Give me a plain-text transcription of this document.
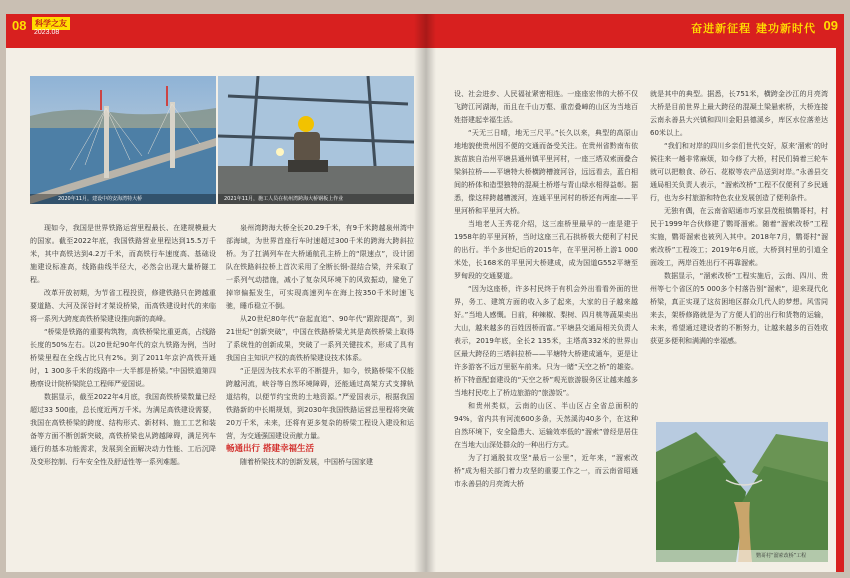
08	科学之友
2023.08
2020年11月，建设中的安海湾特大桥	2021年11月，施工人员在杭州湾跨海大桥钢板上作业

现如今，我国是世界铁路运营里程最长、在建规模最大的国家。截至2022年底，我国铁路营业里程达到15.5万千米，其中高铁达到4.2万千米，而高铁行车速度高、基础设施建设标准高，线路曲线半径大，必然会出现大量桥隧工程。

改革开放初期，为节省工程投资，修建铁路只在跨越重要道路、大河及深谷时才架设桥梁，而高铁建设时代的来临将一系列大跨度高铁桥梁建设推向新的高峰。

“桥梁是铁路的重要构筑物，高铁桥梁比重更高，占线路长度的50%左右。以20世纪90年代的京九铁路为例，当时桥梁里程在全线占比只有2%。到了2011年京沪高铁开通时，1 300多千米的线路中一大半都是桥梁。”中国铁道第四勘察设计院桥梁院总工程师严爱国说。

数据显示，截至2022年4月底，我国高铁桥梁数量已经超过33 500座，总长度近两万千米。为满足高铁建设需要，我国在高铁桥梁的跨度、结构形式、新材料、施工工艺和装备等方面不断创新突破，高铁桥梁也从跨越障碍，满足列车通行的基本功能需求，发展到全面解决动力性能、工后沉降及变形控制、行车安全性及舒适性等一系列难题。

泉州湾跨海大桥全长20.29千米，有9千米跨越泉州湾中部海域，为世界首座行车时速超过300千米的跨海大跨斜拉桥。为了扛满列车在大桥通航孔主桥上的“限速点”，设计团队在铁路斜拉桥上首次采用了全断长钢-混结合梁，并采取了一系列气动措施，减小了复杂风环境下的风致振动，避免了掉帘偏振发生，可实现高速列车在海上按350千米时速飞驰，睡币稳立不倒。

从20世纪80年代“奋起直追”、90年代“跟踪提高”，到21世纪“创新突破”，中国在铁路桥梁尤其是高铁桥梁上取得了系统性的创新成果，突破了一系列关键技术，形成了具有我国自主知识产权的高铁桥梁建设技术体系。

“正是因为技术水平的不断提升，如今，铁路桥梁不仅能跨越河流，峡谷等自然环境障碍，还能通过高架方式支撑轨道结构，以便节约宝贵的土地资源。”严爱国表示，根据我国铁路新的中长期规划，到2030年我国铁路运营总里程将突破20万千米，未来，还将有更多复杂的桥梁工程设入建设和运营，为交通强国建设贡献力量。

畅通出行 搭建幸福生活

随着桥梁技术的创新发展，中国桥与国家建

奋进新征程 建功新时代 09

设、社会进步、人民福祉紧密相连。一座座宏伟的大桥不仅飞跨江河湖海，而且在千山万壑、重峦叠嶂的山区为当地百姓搭建起幸福生活。

“天无三日晴，地无三尺平。”长久以来，典型的高原山地地貌使贵州因不便的交通而备受关注。在贵州省黔南布依族苗族自治州平塘县通州镇平里河村，一座三塔双索面叠合梁斜拉桥——平塘特大桥横跨槽渡河谷，远远看去，蓝白相间的桥体和造型独特的混凝土桥塔与青山绿水相得益彰。据悉，像这样跨越槽渡河，连通平里河村的桥还有两座——平里河桥和平里河大桥。

当地老人王秀花介绍，这三座桥里最早的一座是建于1958年的平里河桥，当时这座三孔石拱桥极大便利了村民的出行。半个多世纪后的2015年，在平里河桥上游1 000米处，长168米的平里河大桥建成，成为国道G552平塘至罗甸段的交通要道。

“因为这座桥，许多村民终于有机会外出看看外面的世界，务工、建筑方面的收入多了起来，大家的日子越来越好。”当地人感慨。日前，种辣椒、梨树、四月桃等蔬果卖出大山，越来越多的百姓因桥而富。”平塘县交通局相关负责人表示，2019年底，全长2 135米，主塔高332米的世界山区最大跨径的三塔斜拉桥——平塘特大桥建成通车，更是让许多游客不远万里驱车前来。只为一睹“天空之桥”的雄姿。桥下特意配套建设的“天空之桥”观光旅游服务区让越来越多当地村民吃上了桥边旅游的“旅游饭”。

和贵州类似，云南的山区、半山区占全省总面积的94%，省内共有河流600多条，天然溪沟40多个，在这种自然环境下，安全隐患大、运输效率低的“溜索”曾经是居住在当地大山深处群众的一种出行方式。

为了打通脱贫攻坚“最后一公里”，近年来，“溜索改桥”成为相关部门着力攻坚的重要工作之一，而云南省昭通市永善县的月亮湾大桥

就是其中的典型。据悉，长751米，横跨金沙江的月亮湾大桥是目前世界上最大跨径的混凝土梁悬索桥，大桥连接云南永善县大兴镇和四川金阳县德溪乡，库区水位落差达60米以上。

“我们和对岸的四川乡亲们世代交好，原来‘溜索’的时候往来一趟非常麻烦，如今修了大桥，村民们骑着三轮车就可以把粮食、砂石、花椒等农产品送到对岸。”永善县交通局相关负责人表示，“溜索改桥”工程不仅便利了乡民通行，也为乡村旅游和特色农业发展创造了便利条件。

无独有偶，在云南省昭通市巧家县茂租镇鹦哥村，村民于1999年合伙修建了鹦哥溜索。随着“溜索改桥”工程实施，鹦哥溜索也被列入其中。2018年7月，鹦哥村“溜索改桥”工程竣工；2019年6月底，大桥到村里的引道全面竣工，两岸百姓出行不再靠溜索。

数据显示，“溜索改桥”工程实施后，云南、四川、贵州等七个省区的5 000多个村落告别“溜索”，迎来现代化桥梁，真正实现了这贫困地区群众几代人的梦想。风雪同来去，架桥修路就是为了方便人们的出行和货物的运输，未来，希望通过建设者的不断努力，让越来越多的百姓收获更多便利和满满的幸福感。

鹦哥村“溜索改桥”工程
